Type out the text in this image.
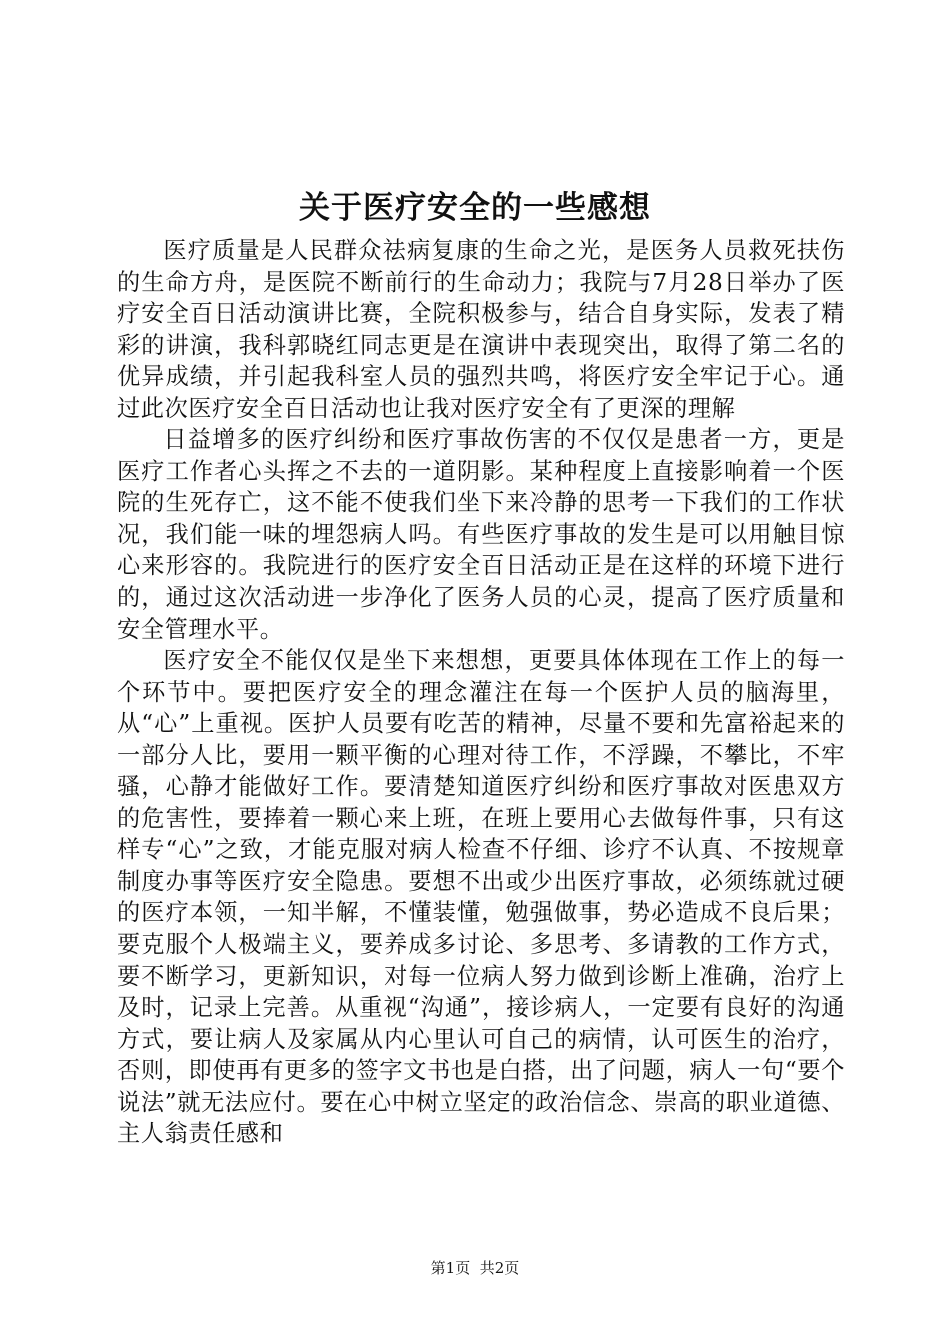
关于医疗安全的一些感想

医疗质量是人民群众祛病复康的生命之光，是医务人员救死扶伤的生命方舟，是医院不断前行的生命动力；我院与7月28日举办了医疗安全百日活动演讲比赛，全院积极参与，结合自身实际，发表了精彩的讲演，我科郭晓红同志更是在演讲中表现突出，取得了第二名的优异成绩，并引起我科室人员的强烈共鸣，将医疗安全牢记于心。通过此次医疗安全百日活动也让我对医疗安全有了更深的理解

日益增多的医疗纠纷和医疗事故伤害的不仅仅是患者一方，更是医疗工作者心头挥之不去的一道阴影。某种程度上直接影响着一个医院的生死存亡，这不能不使我们坐下来冷静的思考一下我们的工作状况，我们能一味的埋怨病人吗。有些医疗事故的发生是可以用触目惊心来形容的。我院进行的医疗安全百日活动正是在这样的环境下进行的，通过这次活动进一步净化了医务人员的心灵，提高了医疗质量和安全管理水平。

医疗安全不能仅仅是坐下来想想，更要具体体现在工作上的每一个环节中。要把医疗安全的理念灌注在每一个医护人员的脑海里，从“心”上重视。医护人员要有吃苦的精神，尽量不要和先富裕起来的一部分人比，要用一颗平衡的心理对待工作，不浮躁，不攀比，不牢骚，心静才能做好工作。要清楚知道医疗纠纷和医疗事故对医患双方的危害性，要捧着一颗心来上班，在班上要用心去做每件事，只有这样专“心”之致，才能克服对病人检查不仔细、诊疗不认真、不按规章制度办事等医疗安全隐患。要想不出或少出医疗事故，必须练就过硬的医疗本领，一知半解，不懂装懂，勉强做事，势必造成不良后果；要克服个人极端主义，要养成多讨论、多思考、多请教的工作方式，要不断学习，更新知识，对每一位病人努力做到诊断上准确，治疗上及时，记录上完善。从重视“沟通”，接诊病人，一定要有良好的沟通方式，要让病人及家属从内心里认可自己的病情，认可医生的治疗，否则，即使再有更多的签字文书也是白搭，出了问题，病人一句“要个说法”就无法应付。要在心中树立坚定的政治信念、崇高的职业道德、主人翁责任感和

第1页 共2页
